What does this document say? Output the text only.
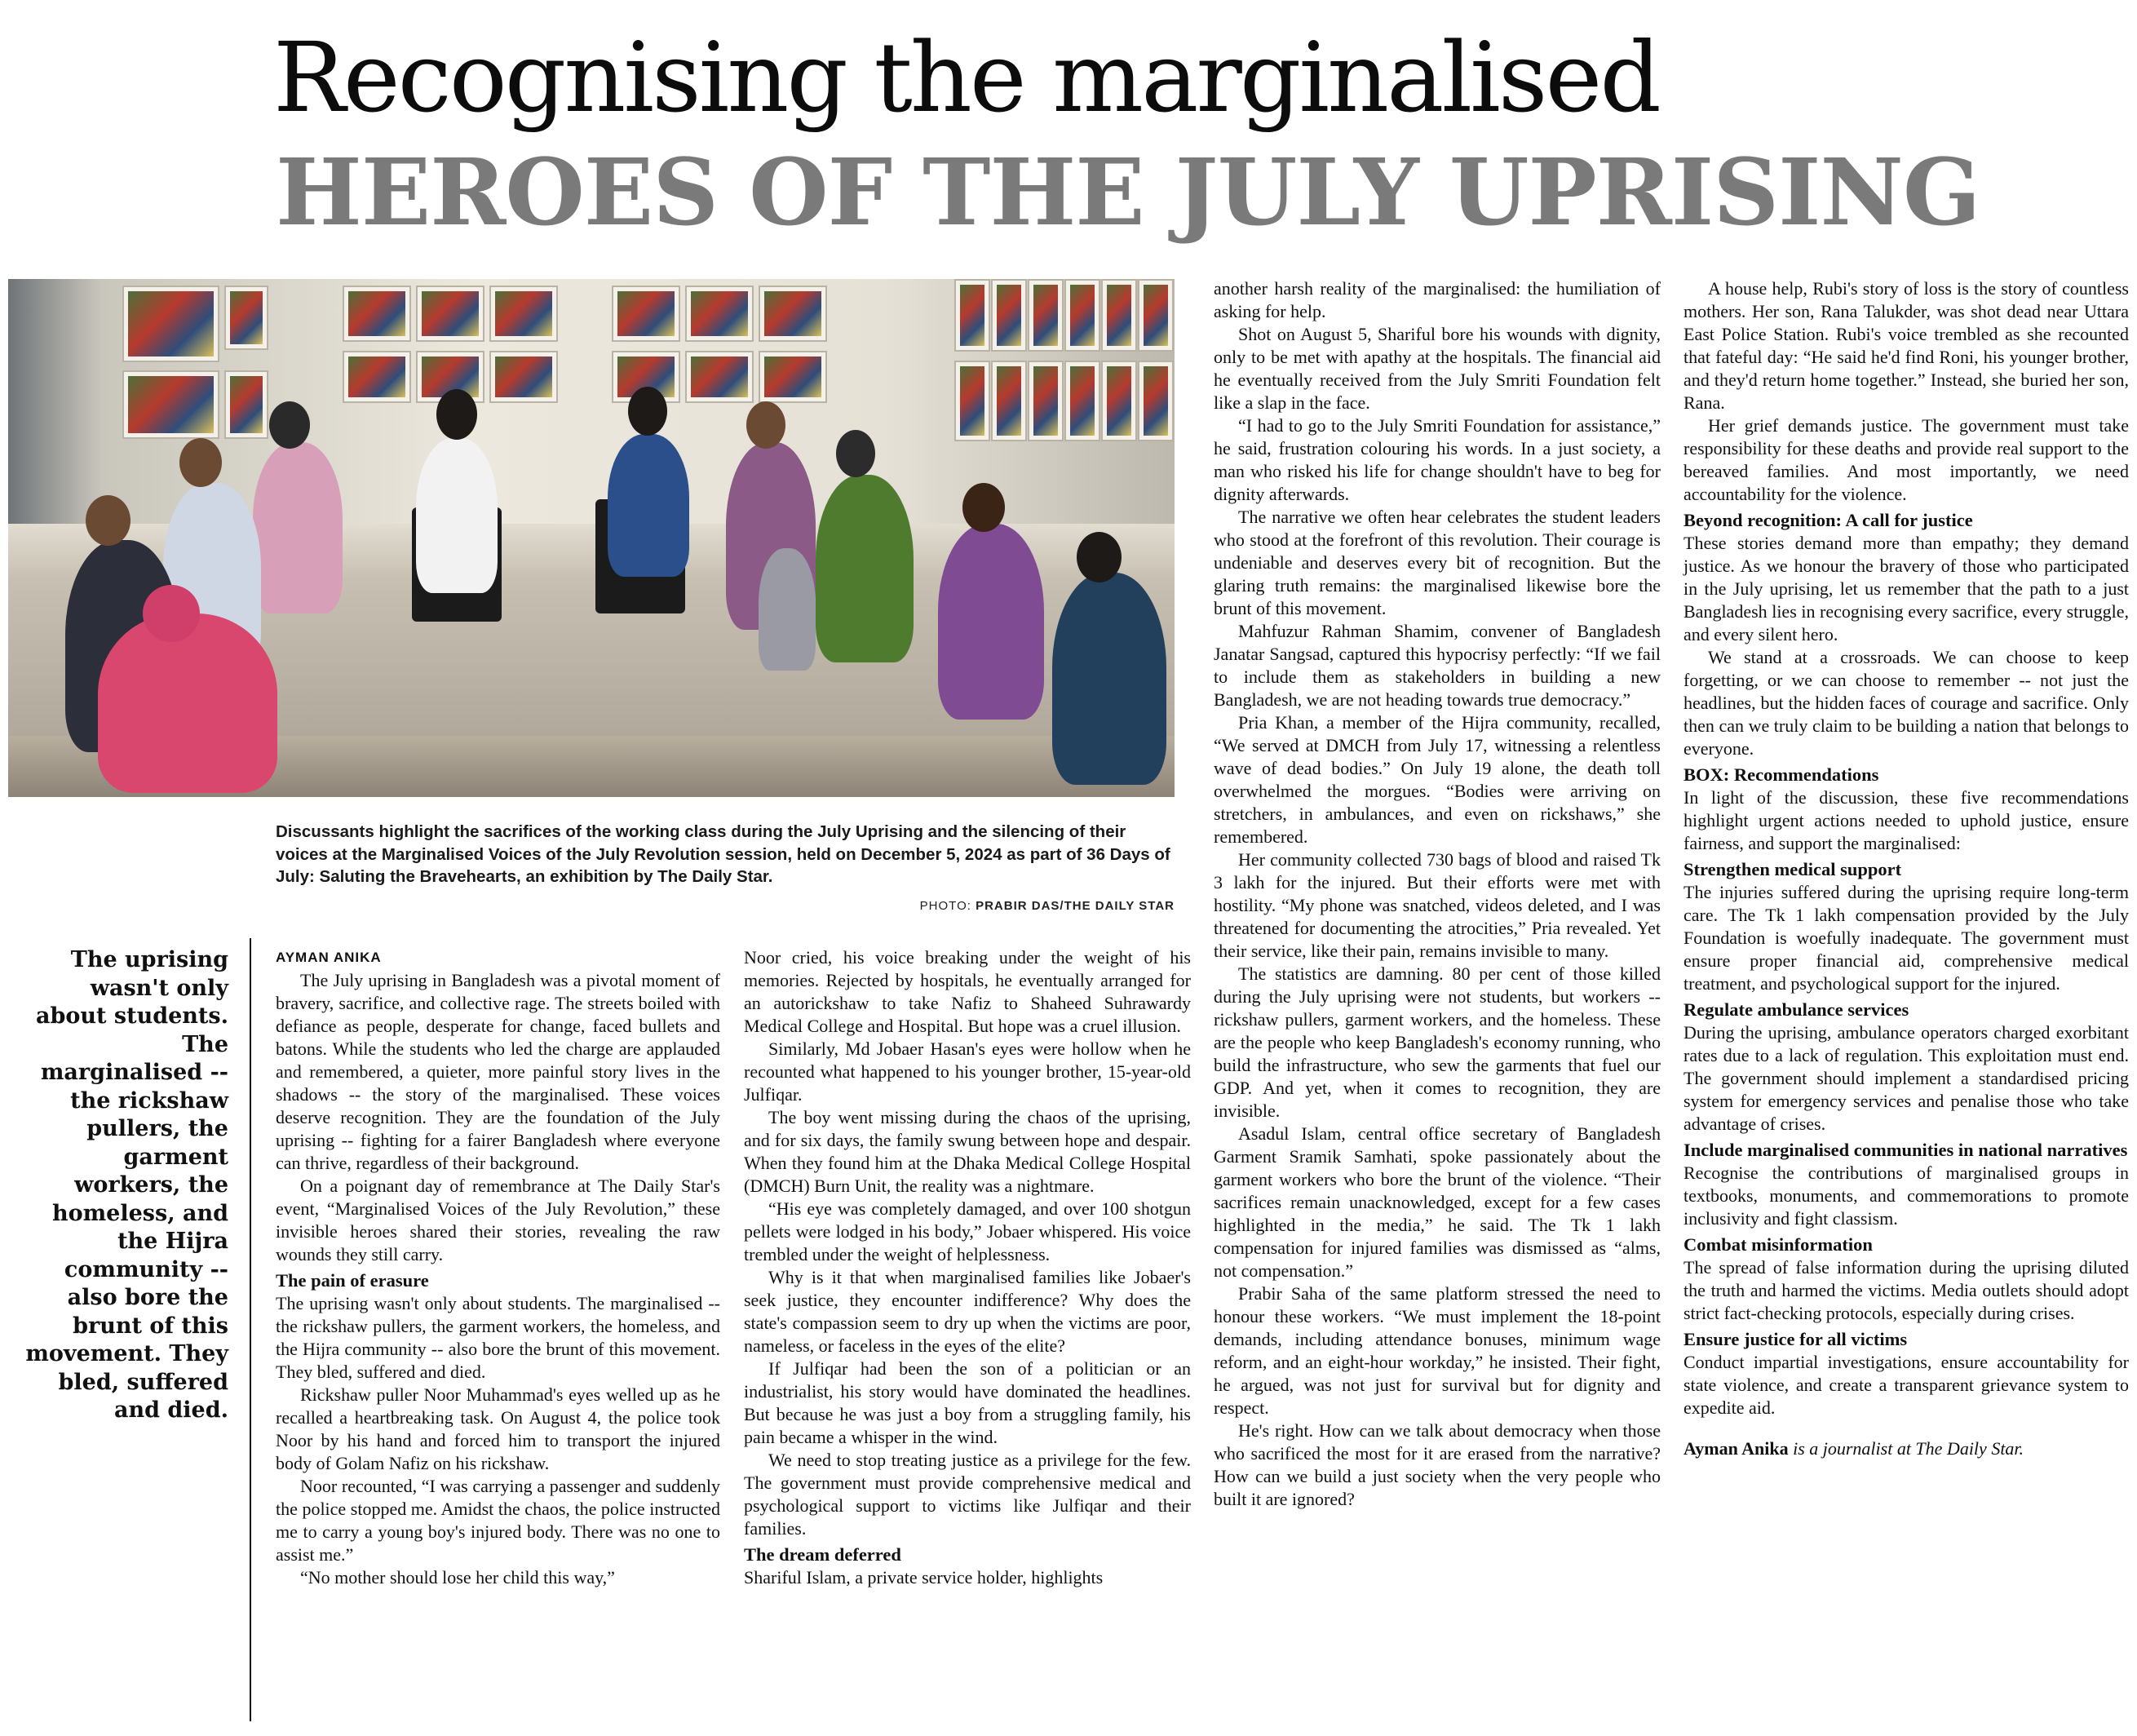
Recognising the marginalised
HEROES OF THE JULY UPRISING
Discussants highlight the sacrifices of the working class during the July Uprising and the silencing of their voices at the Marginalised Voices of the July Revolution session, held on December 5, 2024 as part of 36 Days of July: Saluting the Bravehearts, an exhibition by The Daily Star.
PHOTO: PRABIR DAS/THE DAILY STAR
The uprising wasn't only about students. The marginalised -- the rickshaw pullers, the garment workers, the homeless, and the Hijra community -- also bore the brunt of this movement. They bled, suffered and died.

AYMAN ANIKA

The July uprising in Bangladesh was a pivotal moment of bravery, sacrifice, and collective rage. The streets boiled with defiance as people, desperate for change, faced bullets and batons. While the students who led the charge are applauded and remembered, a quieter, more painful story lives in the shadows -- the story of the marginalised. These voices deserve recognition. They are the foundation of the July uprising -- fighting for a fairer Bangladesh where everyone can thrive, regardless of their background.

On a poignant day of remembrance at The Daily Star's event, “Marginalised Voices of the July Revolution,” these invisible heroes shared their stories, revealing the raw wounds they still carry.

The pain of erasure

The uprising wasn't only about students. The marginalised -- the rickshaw pullers, the garment workers, the homeless, and the Hijra community -- also bore the brunt of this movement. They bled, suffered and died.

Rickshaw puller Noor Muhammad's eyes welled up as he recalled a heartbreaking task. On August 4, the police took Noor by his hand and forced him to transport the injured body of Golam Nafiz on his rickshaw.

Noor recounted, “I was carrying a passenger and suddenly the police stopped me. Amidst the chaos, the police instructed me to carry a young boy's injured body. There was no one to assist me.”

“No mother should lose her child this way,”

Noor cried, his voice breaking under the weight of his memories. Rejected by hospitals, he eventually arranged for an autorickshaw to take Nafiz to Shaheed Suhrawardy Medical College and Hospital. But hope was a cruel illusion.

Similarly, Md Jobaer Hasan's eyes were hollow when he recounted what happened to his younger brother, 15-year-old Julfiqar.

The boy went missing during the chaos of the uprising, and for six days, the family swung between hope and despair. When they found him at the Dhaka Medical College Hospital (DMCH) Burn Unit, the reality was a nightmare.

“His eye was completely damaged, and over 100 shotgun pellets were lodged in his body,” Jobaer whispered. His voice trembled under the weight of helplessness.

Why is it that when marginalised families like Jobaer's seek justice, they encounter indifference? Why does the state's compassion seem to dry up when the victims are poor, nameless, or faceless in the eyes of the elite?

If Julfiqar had been the son of a politician or an industrialist, his story would have dominated the headlines. But because he was just a boy from a struggling family, his pain became a whisper in the wind.

We need to stop treating justice as a privilege for the few. The government must provide comprehensive medical and psychological support to victims like Julfiqar and their families.

The dream deferred

Shariful Islam, a private service holder, highlights

another harsh reality of the marginalised: the humiliation of asking for help.

Shot on August 5, Shariful bore his wounds with dignity, only to be met with apathy at the hospitals. The financial aid he eventually received from the July Smriti Foundation felt like a slap in the face.

“I had to go to the July Smriti Foundation for assistance,” he said, frustration colouring his words. In a just society, a man who risked his life for change shouldn't have to beg for dignity afterwards.

The narrative we often hear celebrates the student leaders who stood at the forefront of this revolution. Their courage is undeniable and deserves every bit of recognition. But the glaring truth remains: the marginalised likewise bore the brunt of this movement.

Mahfuzur Rahman Shamim, convener of Bangladesh Janatar Sangsad, captured this hypocrisy perfectly: “If we fail to include them as stakeholders in building a new Bangladesh, we are not heading towards true democracy.”

Pria Khan, a member of the Hijra community, recalled, “We served at DMCH from July 17, witnessing a relentless wave of dead bodies.” On July 19 alone, the death toll overwhelmed the morgues. “Bodies were arriving on stretchers, in ambulances, and even on rickshaws,” she remembered.

Her community collected 730 bags of blood and raised Tk 3 lakh for the injured. But their efforts were met with hostility. “My phone was snatched, videos deleted, and I was threatened for documenting the atrocities,” Pria revealed. Yet their service, like their pain, remains invisible to many.

The statistics are damning. 80 per cent of those killed during the July uprising were not students, but workers -- rickshaw pullers, garment workers, and the homeless. These are the people who keep Bangladesh's economy running, who build the infrastructure, who sew the garments that fuel our GDP. And yet, when it comes to recognition, they are invisible.

Asadul Islam, central office secretary of Bangladesh Garment Sramik Samhati, spoke passionately about the garment workers who bore the brunt of the violence. “Their sacrifices remain unacknowledged, except for a few cases highlighted in the media,” he said. The Tk 1 lakh compensation for injured families was dismissed as “alms, not compensation.”

Prabir Saha of the same platform stressed the need to honour these workers. “We must implement the 18-point demands, including attendance bonuses, minimum wage reform, and an eight-hour workday,” he insisted. Their fight, he argued, was not just for survival but for dignity and respect.

He's right. How can we talk about democracy when those who sacrificed the most for it are erased from the narrative? How can we build a just society when the very people who built it are ignored?

A house help, Rubi's story of loss is the story of countless mothers. Her son, Rana Talukder, was shot dead near Uttara East Police Station. Rubi's voice trembled as she recounted that fateful day: “He said he'd find Roni, his younger brother, and they'd return home together.” Instead, she buried her son, Rana.

Her grief demands justice. The government must take responsibility for these deaths and provide real support to the bereaved families. And most importantly, we need accountability for the violence.

Beyond recognition: A call for justice

These stories demand more than empathy; they demand justice. As we honour the bravery of those who participated in the July uprising, let us remember that the path to a just Bangladesh lies in recognising every sacrifice, every struggle, and every silent hero.

We stand at a crossroads. We can choose to keep forgetting, or we can choose to remember -- not just the headlines, but the hidden faces of courage and sacrifice. Only then can we truly claim to be building a nation that belongs to everyone.

BOX: Recommendations

In light of the discussion, these five recommendations highlight urgent actions needed to uphold justice, ensure fairness, and support the marginalised:

Strengthen medical support

The injuries suffered during the uprising require long-term care. The Tk 1 lakh compensation provided by the July Foundation is woefully inadequate. The government must ensure proper financial aid, comprehensive medical treatment, and psychological support for the injured.

Regulate ambulance services

During the uprising, ambulance operators charged exorbitant rates due to a lack of regulation. This exploitation must end. The government should implement a standardised pricing system for emergency services and penalise those who take advantage of crises.

Include marginalised communities in national narratives

Recognise the contributions of marginalised groups in textbooks, monuments, and commemorations to promote inclusivity and fight classism.

Combat misinformation

The spread of false information during the uprising diluted the truth and harmed the victims. Media outlets should adopt strict fact-checking protocols, especially during crises.

Ensure justice for all victims

Conduct impartial investigations, ensure accountability for state violence, and create a transparent grievance system to expedite aid.

Ayman Anika is a journalist at The Daily Star.
